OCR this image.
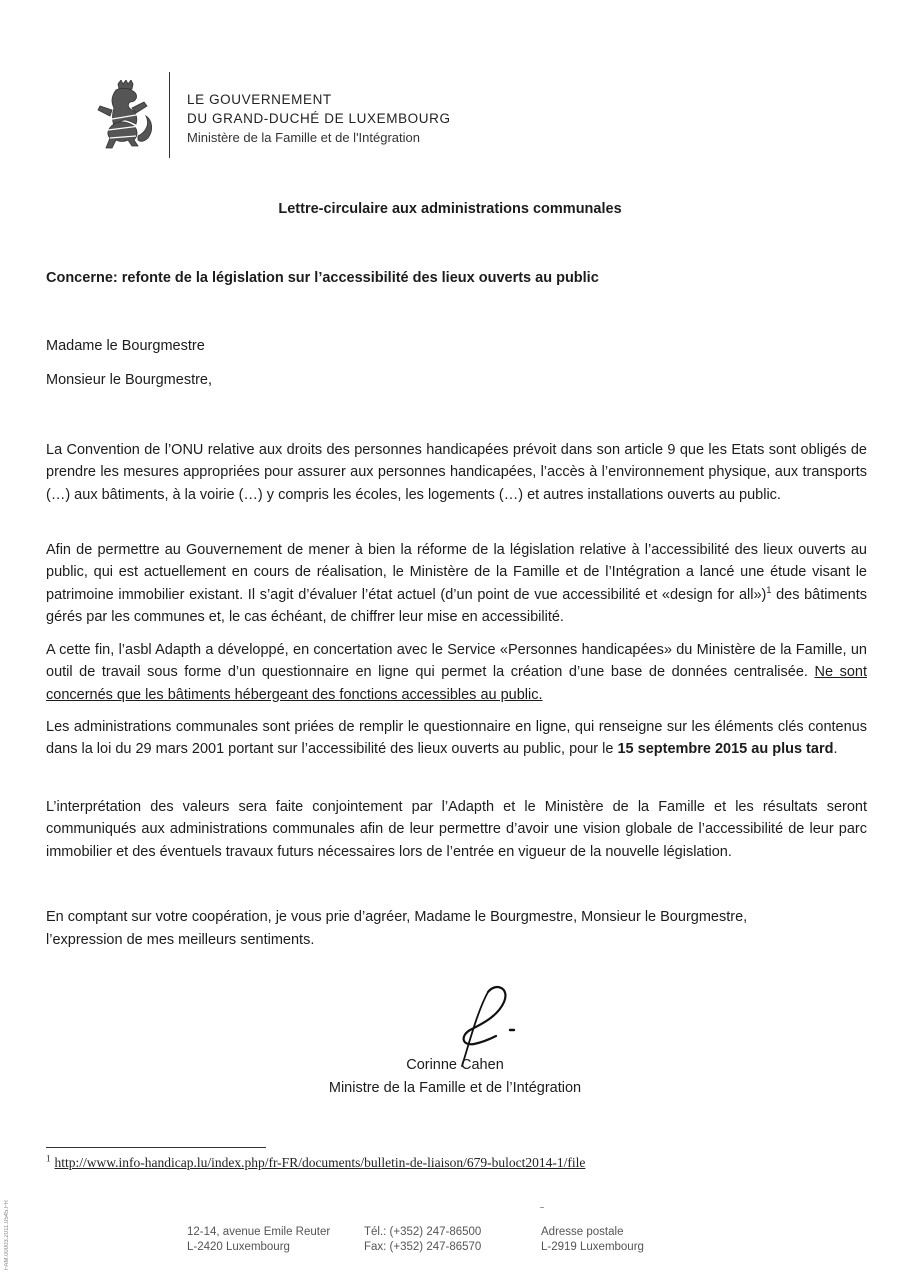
LE GOUVERNEMENT
DU GRAND-DUCHÉ DE LUXEMBOURG
Ministère de la Famille et de l'Intégration
Lettre-circulaire aux administrations communales
Concerne: refonte de la législation sur l’accessibilité des lieux ouverts au public
Madame le Bourgmestre
Monsieur le Bourgmestre,

La Convention de l’ONU relative aux droits des personnes handicapées prévoit dans son article 9 que les Etats sont obligés de prendre les mesures appropriées pour assurer aux personnes handicapées, l’accès à l’environnement physique, aux transports (…) aux bâtiments, à la voirie (…) y compris les écoles, les logements (…) et autres installations ouverts au public.

Afin de permettre au Gouvernement de mener à bien la réforme de la législation relative à l’accessibilité des lieux ouverts au public, qui est actuellement en cours de réalisation, le Ministère de la Famille et de l’Intégration a lancé une étude visant le patrimoine immobilier existant. Il s’agit d’évaluer l’état actuel (d’un point de vue accessibilité et «design for all»)$^1$ des bâtiments gérés par les communes et, le cas échéant, de chiffrer leur mise en accessibilité.

A cette fin, l’asbl Adapth a développé, en concertation avec le Service «Personnes handicapées» du Ministère de la Famille, un outil de travail sous forme d’un questionnaire en ligne qui permet la création d’une base de données centralisée. Ne sont concernés que les bâtiments hébergeant des fonctions accessibles au public.

Les administrations communales sont priées de remplir le questionnaire en ligne, qui renseigne sur les éléments clés contenus dans la loi du 29 mars 2001 portant sur l’accessibilité des lieux ouverts au public, pour le 15 septembre 2015 au plus tard.

L’interprétation des valeurs sera faite conjointement par l’Adapth et le Ministère de la Famille et les résultats seront communiqués aux administrations communales afin de leur permettre d’avoir une vision globale de l’accessibilité de leur parc immobilier et des éventuels travaux futurs nécessaires lors de l’entrée en vigueur de la nouvelle législation.

En comptant sur votre coopération, je vous prie d’agréer, Madame le Bourgmestre, Monsieur le Bourgmestre,
l’expression de mes meilleurs sentiments.
Corinne Cahen
Ministre de la Famille et de l’Intégration
$^1$ http://www.info-handicap.lu/index.php/fr-FR/documents/bulletin-de-liaison/679-buloct2014-1/file
12-14, avenue Emile Reuter
L-2420 Luxembourg
Tél.: (+352) 247-86500
Fax: (+352) 247-86570
Adresse postale
L-2919 Luxembourg
FAM.00003.2011.0545.FR
